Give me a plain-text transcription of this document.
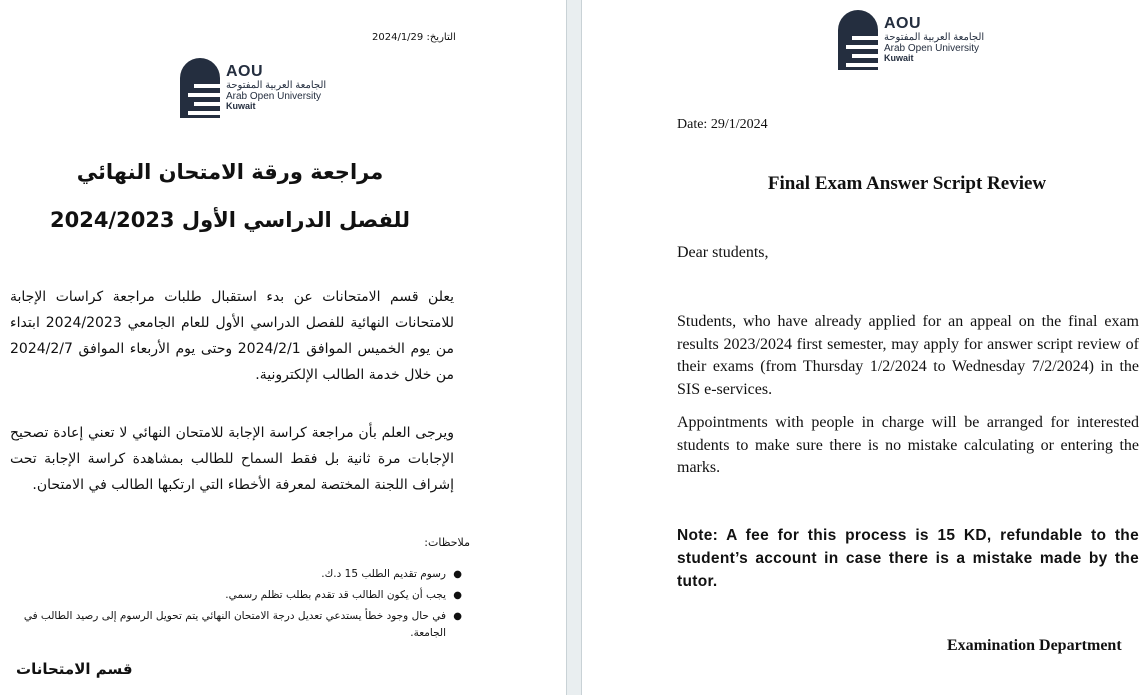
التاريخ: 2024/1/29
AOU
الجامعة العربية المفتوحة
Arab Open University
Kuwait
مراجعة ورقة الامتحان النهائي
للفصل الدراسي الأول 2024/2023

يعلن قسم الامتحانات عن بدء استقبال طلبات مراجعة كراسات الإجابة للامتحانات النهائية للفصل الدراسي الأول للعام الجامعي 2024/2023 ابتداء من يوم الخميس الموافق 2024/2/1 وحتى يوم الأربعاء الموافق 2024/2/7 من خلال خدمة الطالب الإلكترونية.

ويرجى العلم بأن مراجعة كراسة الإجابة للامتحان النهائي لا تعني إعادة تصحيح الإجابات مرة ثانية بل فقط السماح للطالب بمشاهدة كراسة الإجابة تحت إشراف اللجنة المختصة لمعرفة الأخطاء التي ارتكبها الطالب في الامتحان.

ملاحظات:
●
رسوم تقديم الطلب 15 د.ك.
●
يجب أن يكون الطالب قد تقدم بطلب تظلم رسمي.
●
في حال وجود خطأ يستدعي تعديل درجة الامتحان النهائي يتم تحويل الرسوم إلى رصيد الطالب في الجامعة.
قسم الامتحانات
AOU
الجامعة العربية المفتوحة
Arab Open University
Kuwait
Date: 29/1/2024
Final Exam Answer Script Review
Dear students,

Students, who have already applied for an appeal on the final exam results 2023/2024 first semester, may apply for answer script review of their exams (from Thursday 1/2/2024 to Wednesday 7/2/2024) in the SIS e-services.

Appointments with people in charge will be arranged for interested students to make sure there is no mistake calculating or entering the marks.

Note: A fee for this process is 15 KD, refundable to the student’s account in case there is a mistake made by the tutor.

Examination Department
